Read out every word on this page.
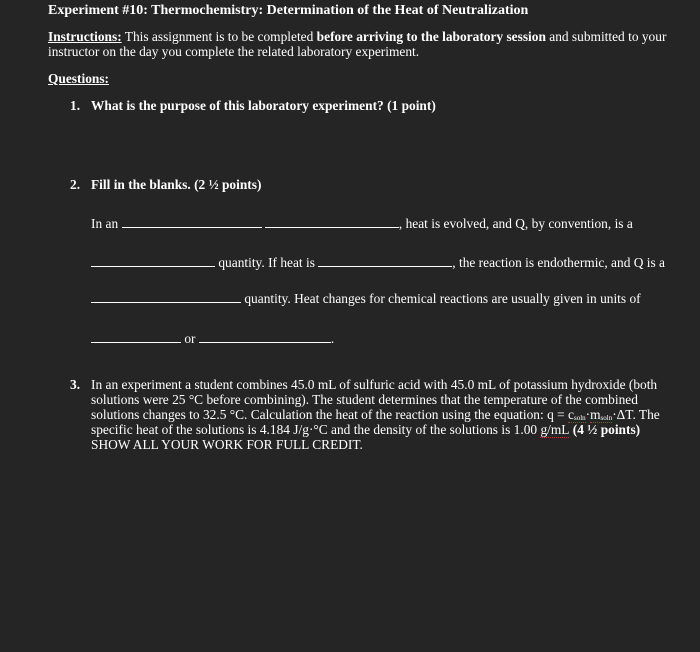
Experiment #10: Thermochemistry: Determination of the Heat of Neutralization
Instructions: This assignment is to be completed before arriving to the laboratory session and submitted to your instructor on the day you complete the related laboratory experiment.
Questions:
1. What is the purpose of this laboratory experiment? (1 point)
2. Fill in the blanks. (2 ½ points)
In an	, heat is evolved, and Q, by convention, is a
quantity. If heat is	, the reaction is endothermic, and Q is a
quantity. Heat changes for chemical reactions are usually given in units of
or	.
3. In an experiment a student combines 45.0 mL of sulfuric acid with 45.0 mL of potassium hydroxide (both solutions were 25 °C before combining). The student determines that the temperature of the combined solutions changes to 32.5 °C. Calculation the heat of the reaction using the equation: q = csoln·msoln·ΔT. The specific heat of the solutions is 4.184 J/g·°C and the density of the solutions is 1.00 g/mL (4 ½ points)
SHOW ALL YOUR WORK FOR FULL CREDIT.
